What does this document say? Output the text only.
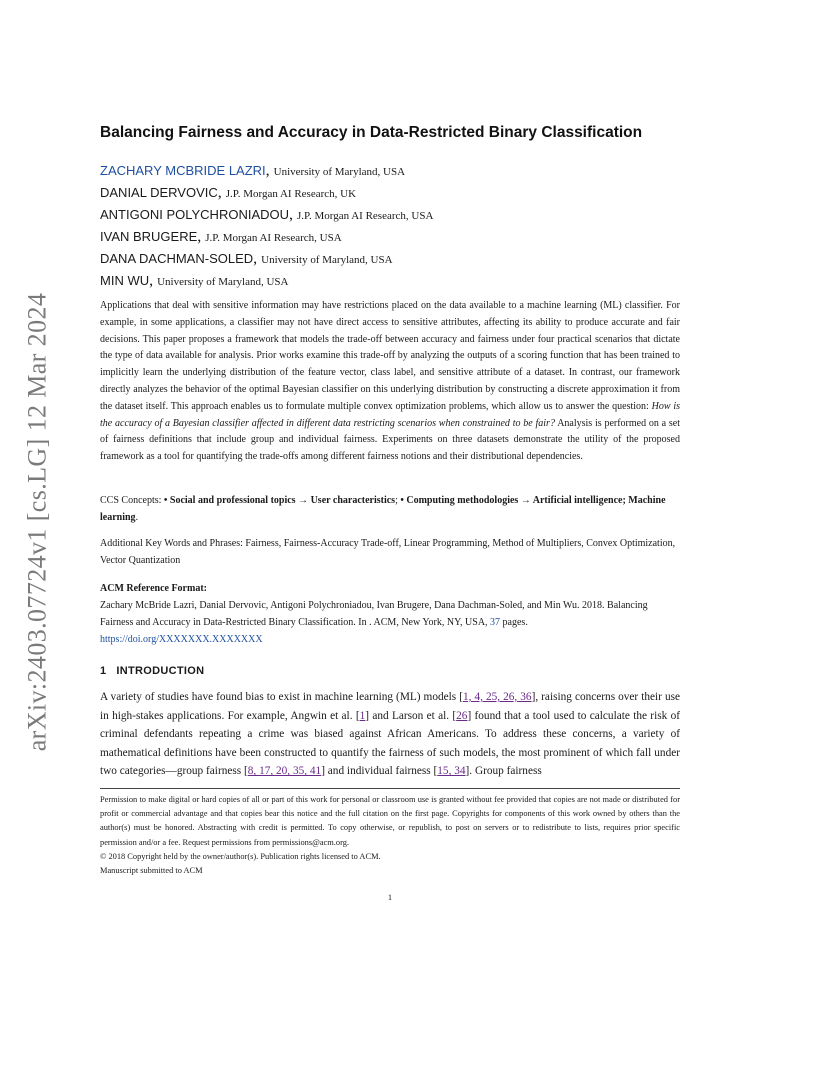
arXiv:2403.07724v1 [cs.LG] 12 Mar 2024
Balancing Fairness and Accuracy in Data-Restricted Binary Classification
ZACHARY MCBRIDE LAZRI, University of Maryland, USA
DANIAL DERVOVIC, J.P. Morgan AI Research, UK
ANTIGONI POLYCHRONIADOU, J.P. Morgan AI Research, USA
IVAN BRUGERE, J.P. Morgan AI Research, USA
DANA DACHMAN-SOLED, University of Maryland, USA
MIN WU, University of Maryland, USA
Applications that deal with sensitive information may have restrictions placed on the data available to a machine learning (ML) classifier. For example, in some applications, a classifier may not have direct access to sensitive attributes, affecting its ability to produce accurate and fair decisions. This paper proposes a framework that models the trade-off between accuracy and fairness under four practical scenarios that dictate the type of data available for analysis. Prior works examine this trade-off by analyzing the outputs of a scoring function that has been trained to implicitly learn the underlying distribution of the feature vector, class label, and sensitive attribute of a dataset. In contrast, our framework directly analyzes the behavior of the optimal Bayesian classifier on this underlying distribution by constructing a discrete approximation it from the dataset itself. This approach enables us to formulate multiple convex optimization problems, which allow us to answer the question: How is the accuracy of a Bayesian classifier affected in different data restricting scenarios when constrained to be fair? Analysis is performed on a set of fairness definitions that include group and individual fairness. Experiments on three datasets demonstrate the utility of the proposed framework as a tool for quantifying the trade-offs among different fairness notions and their distributional dependencies.
CCS Concepts: • Social and professional topics → User characteristics; • Computing methodologies → Artificial intelligence; Machine learning.
Additional Key Words and Phrases: Fairness, Fairness-Accuracy Trade-off, Linear Programming, Method of Multipliers, Convex Optimization, Vector Quantization
ACM Reference Format:
Zachary McBride Lazri, Danial Dervovic, Antigoni Polychroniadou, Ivan Brugere, Dana Dachman-Soled, and Min Wu. 2018. Balancing Fairness and Accuracy in Data-Restricted Binary Classification. In . ACM, New York, NY, USA, 37 pages. https://doi.org/XXXXXXX.XXXXXXX
1 INTRODUCTION
A variety of studies have found bias to exist in machine learning (ML) models [1, 4, 25, 26, 36], raising concerns over their use in high-stakes applications. For example, Angwin et al. [1] and Larson et al. [26] found that a tool used to calculate the risk of criminal defendants repeating a crime was biased against African Americans. To address these concerns, a variety of mathematical definitions have been constructed to quantify the fairness of such models, the most prominent of which fall under two categories—group fairness [8, 17, 20, 35, 41] and individual fairness [15, 34]. Group fairness
Permission to make digital or hard copies of all or part of this work for personal or classroom use is granted without fee provided that copies are not made or distributed for profit or commercial advantage and that copies bear this notice and the full citation on the first page. Copyrights for components of this work owned by others than the author(s) must be honored. Abstracting with credit is permitted. To copy otherwise, or republish, to post on servers or to redistribute to lists, requires prior specific permission and/or a fee. Request permissions from permissions@acm.org.
© 2018 Copyright held by the owner/author(s). Publication rights licensed to ACM.
Manuscript submitted to ACM
1
